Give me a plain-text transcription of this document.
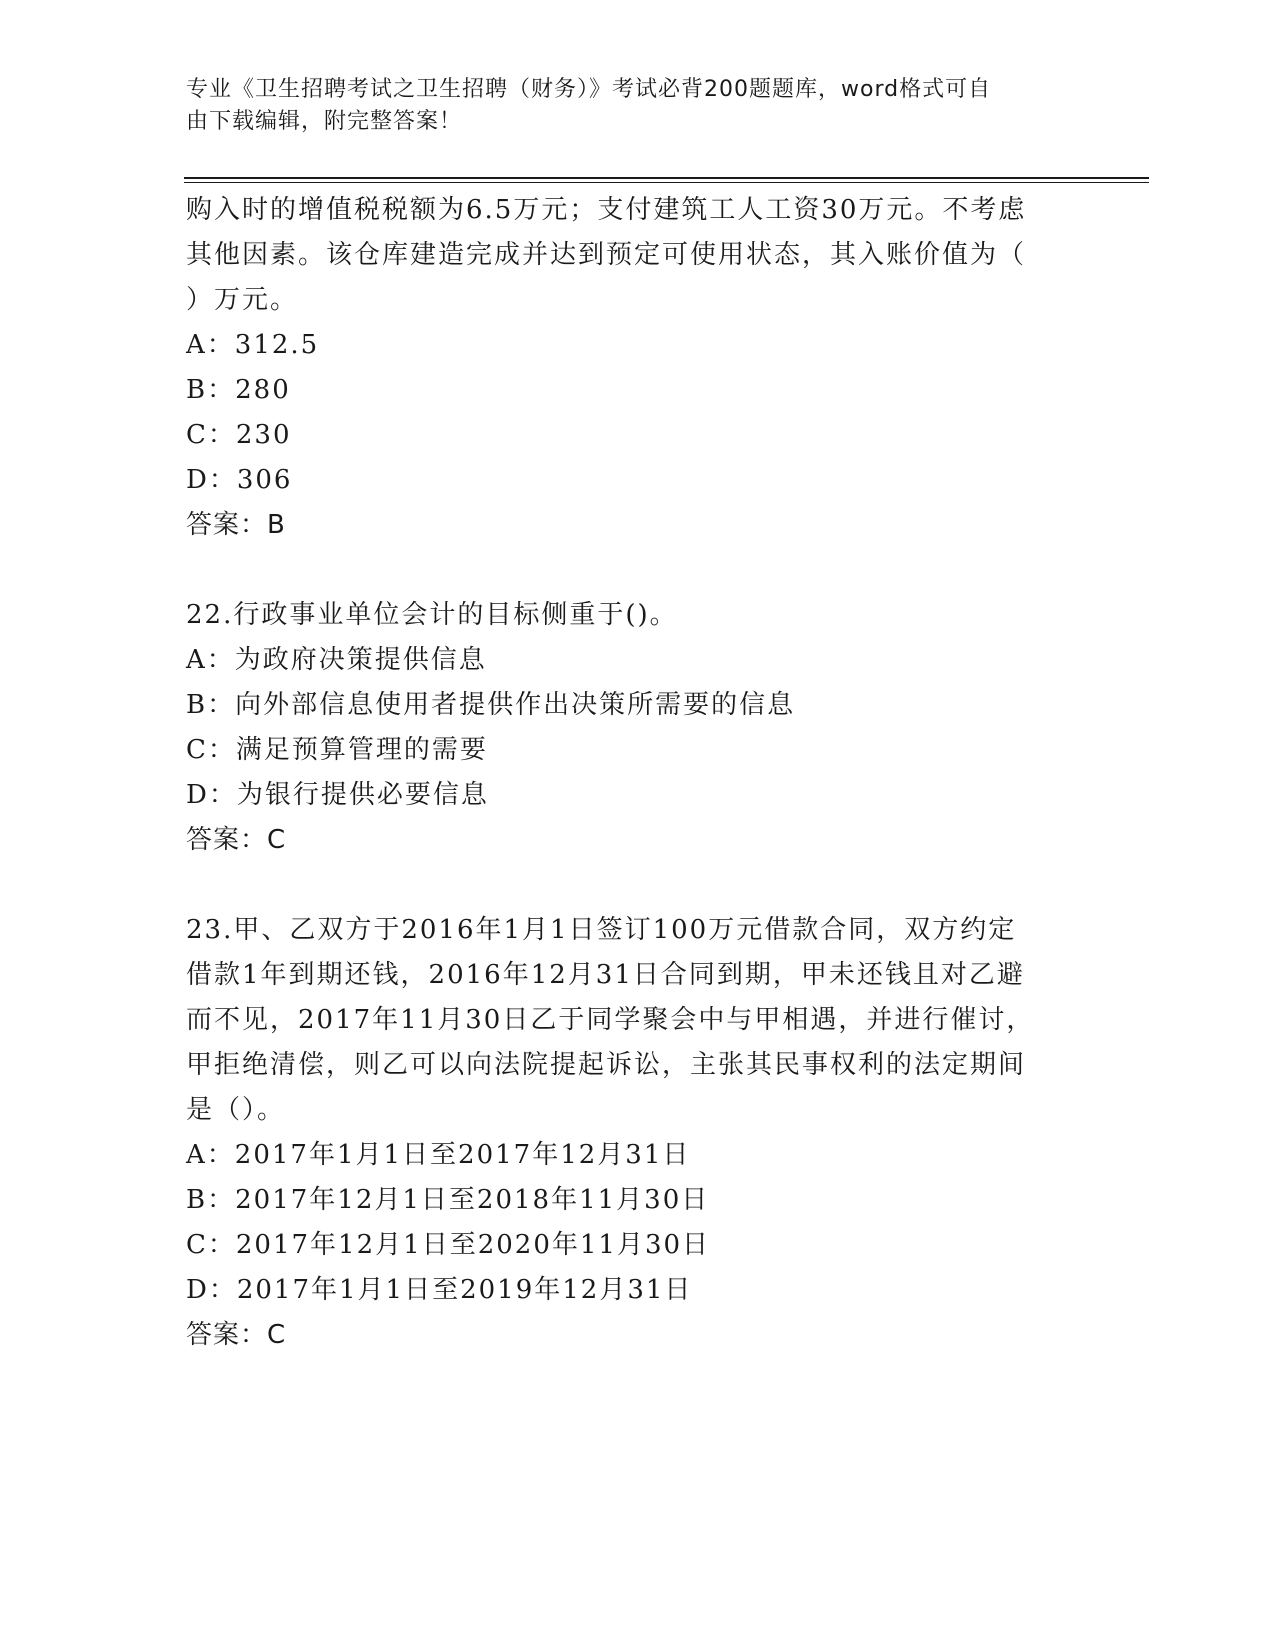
专业《卫生招聘考试之卫生招聘（财务）》考试必背200题题库，word格式可自
由下载编辑，附完整答案！
购入时的增值税税额为6.5万元；支付建筑工人工资30万元。不考虑
其他因素。该仓库建造完成并达到预定可使用状态，其入账价值为（
）万元。
A：312.5
B：280
C：230
D：306
答案：B
22.行政事业单位会计的目标侧重于()。
A：为政府决策提供信息
B：向外部信息使用者提供作出决策所需要的信息
C：满足预算管理的需要
D：为银行提供必要信息
答案：C
23.甲、乙双方于2016年1月1日签订100万元借款合同，双方约定
借款1年到期还钱，2016年12月31日合同到期，甲未还钱且对乙避
而不见，2017年11月30日乙于同学聚会中与甲相遇，并进行催讨，
甲拒绝清偿，则乙可以向法院提起诉讼，主张其民事权利的法定期间
是（）。
A：2017年1月1日至2017年12月31日
B：2017年12月1日至2018年11月30日
C：2017年12月1日至2020年11月30日
D：2017年1月1日至2019年12月31日
答案：C
